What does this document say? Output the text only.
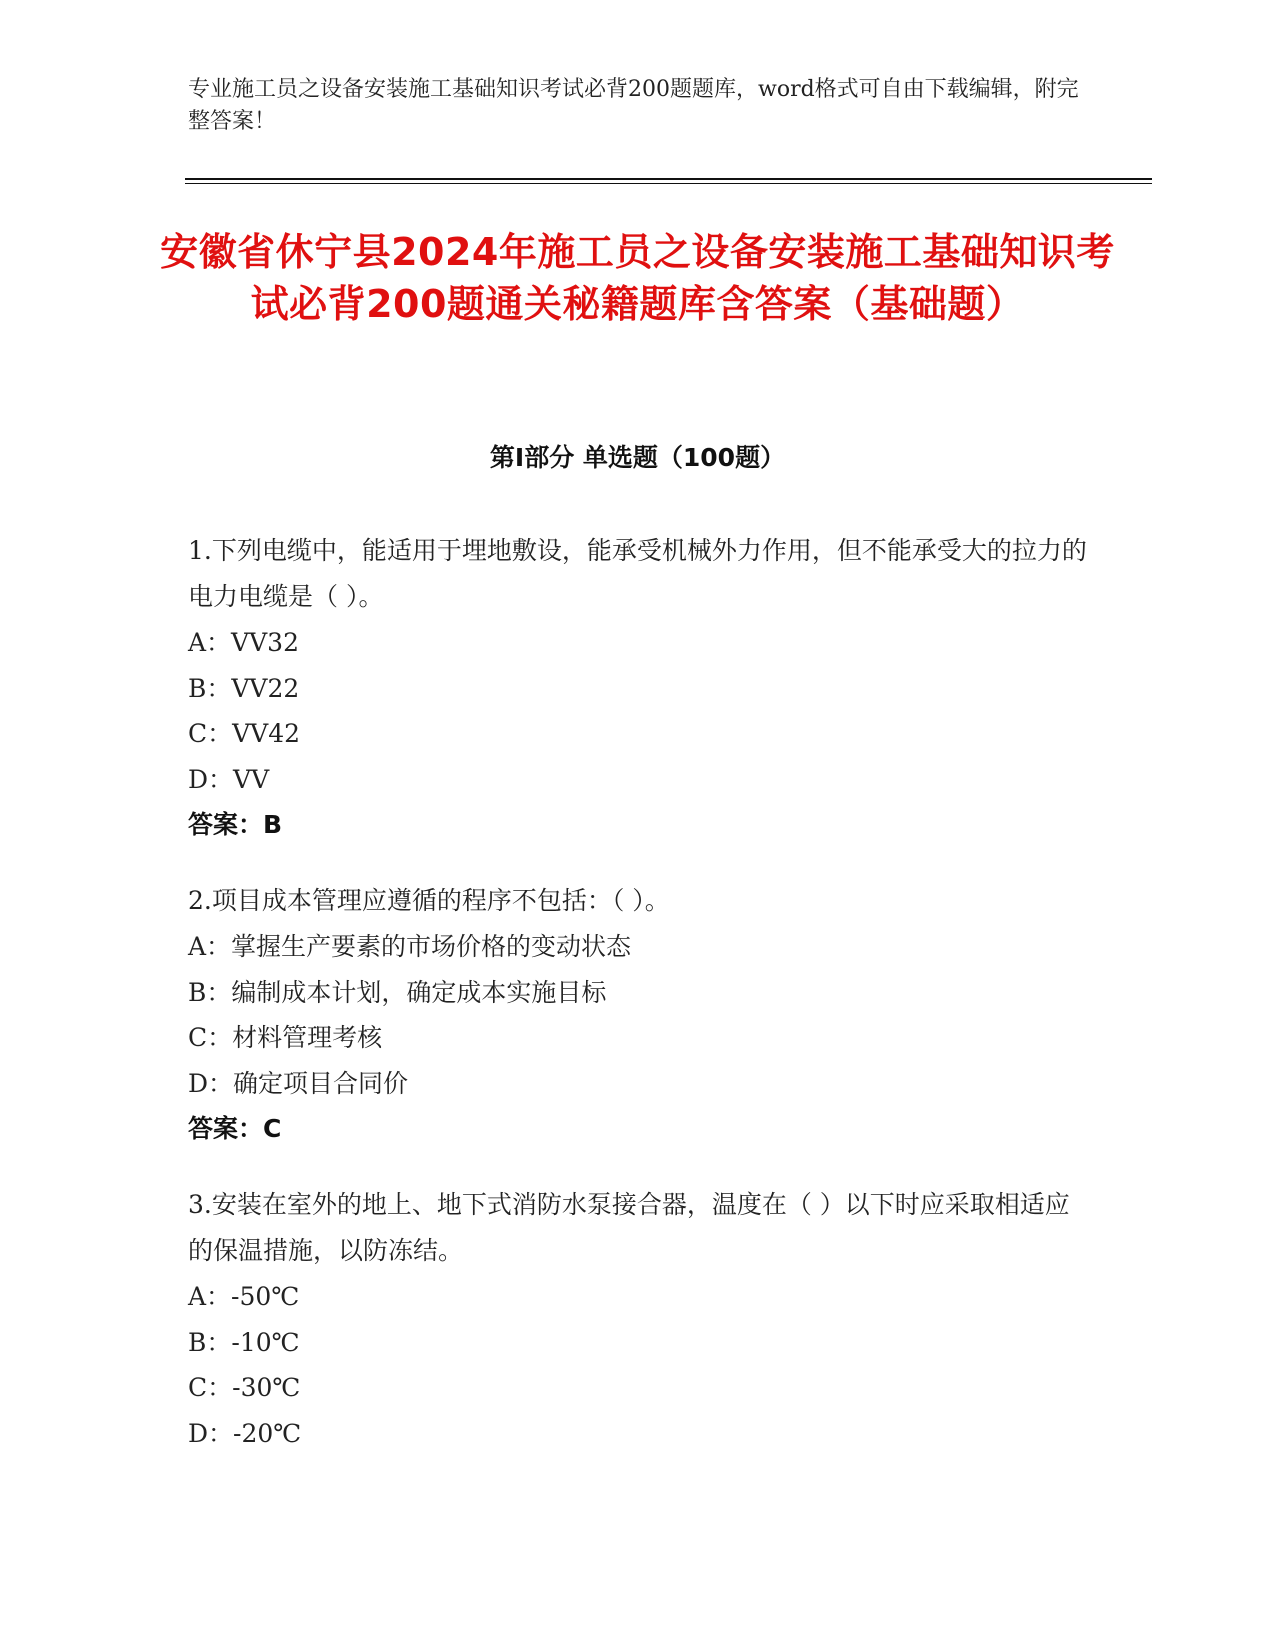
专业施工员之设备安装施工基础知识考试必背200题题库，word格式可自由下载编辑，附完整答案！
安徽省休宁县2024年施工员之设备安装施工基础知识考试必背200题通关秘籍题库含答案（基础题）
第Ⅰ部分 单选题（100题）
1.下列电缆中，能适用于埋地敷设，能承受机械外力作用，但不能承受大的拉力的电力电缆是（ ）。
A：VV32
B：VV22
C：VV42
D：VV
答案：B
2.项目成本管理应遵循的程序不包括：（ ）。
A：掌握生产要素的市场价格的变动状态
B：编制成本计划，确定成本实施目标
C：材料管理考核
D：确定项目合同价
答案：C
3.安装在室外的地上、地下式消防水泵接合器，温度在（ ）以下时应采取相适应的保温措施，以防冻结。
A：-50℃
B：-10℃
C：-30℃
D：-20℃
